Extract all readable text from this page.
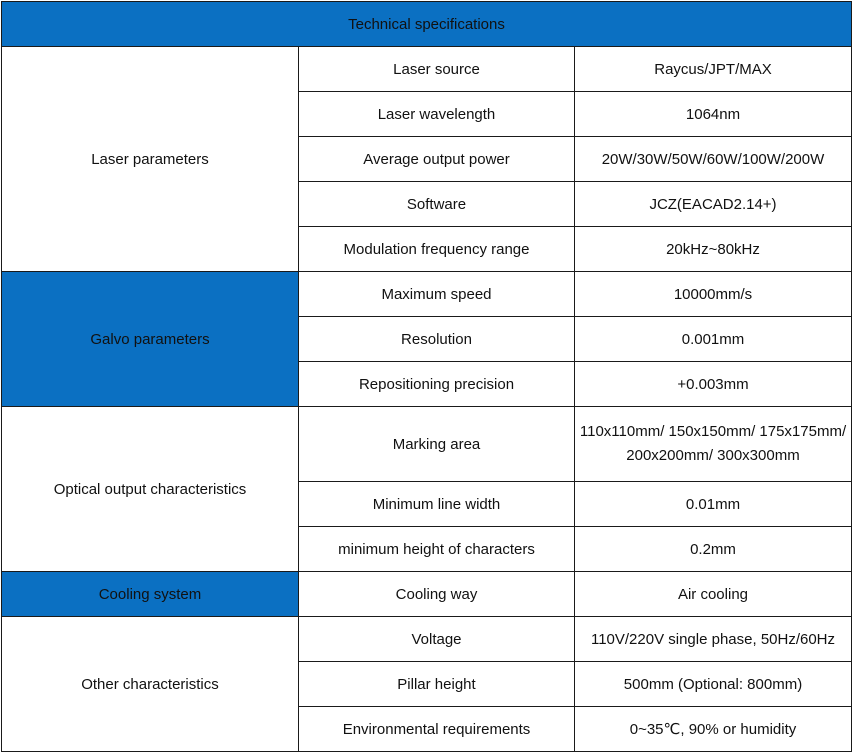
Technical specifications		
Laser parameters	Laser source	Raycus/JPT/MAX
	Laser wavelength	1064nm
	Average output power	20W/30W/50W/60W/100W/200W
	Software	JCZ(EACAD2.14+)
	Modulation frequency range	20kHz~80kHz
Galvo parameters	Maximum speed	10000mm/s
	Resolution	0.001mm
	Repositioning precision	+0.003mm
Optical output characteristics	Marking area	110x110mm/ 150x150mm/ 175x175mm/ 200x200mm/ 300x300mm
	Minimum line width	0.01mm
	minimum height of characters	0.2mm
Cooling system	Cooling way	Air cooling
Other characteristics	Voltage	110V/220V single phase, 50Hz/60Hz
	Pillar height	500mm (Optional: 800mm)
	Environmental requirements	0~35℃, 90% or humidity
